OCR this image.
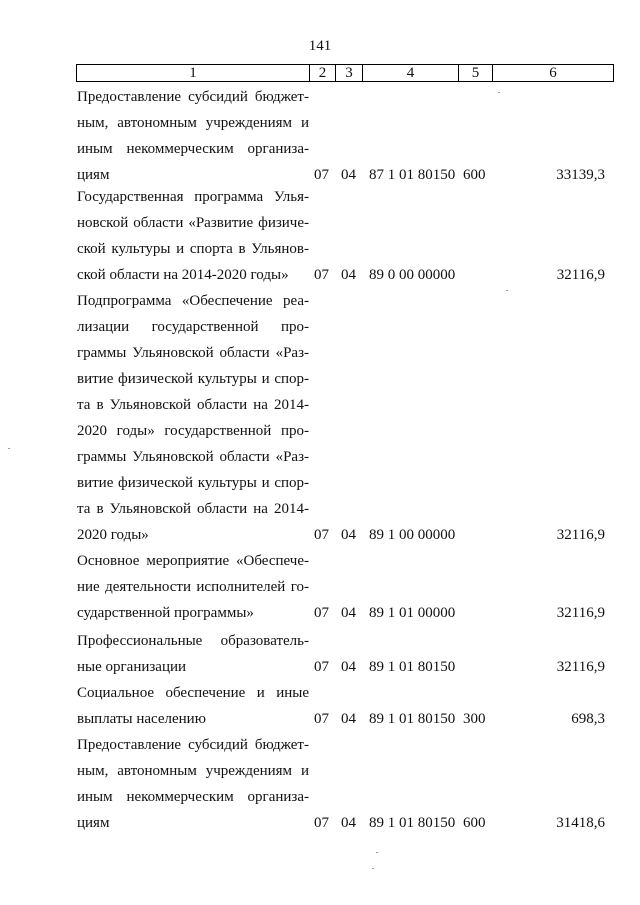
141
1	2	3	4	5	6
Предоставление субсидий бюджет-
ным, автономным учреждениям и
иным некоммерческим организа-
циям	07 04 87 1 01 80150 600	33139,3
Государственная программа Улья-
новской области «Развитие физиче-
ской культуры и спорта в Ульянов-
ской области на 2014-2020 годы»	07 04 89 0 00 00000	32116,9
Подпрограмма «Обеспечение реа-
лизации государственной про-
граммы Ульяновской области «Раз-
витие физической культуры и спор-
та в Ульяновской области на 2014-
2020 годы» государственной про-
граммы Ульяновской области «Раз-
витие физической культуры и спор-
та в Ульяновской области на 2014-
2020 годы»	07 04 89 1 00 00000	32116,9
Основное мероприятие «Обеспече-
ние деятельности исполнителей го-
сударственной программы»	07 04 89 1 01 00000	32116,9
Профессиональные образователь-
ные организации	07 04 89 1 01 80150	32116,9
Социальное обеспечение и иные
выплаты населению	07 04 89 1 01 80150 300	698,3
Предоставление субсидий бюджет-
ным, автономным учреждениям и
иным некоммерческим организа-
циям	07 04 89 1 01 80150 600	31418,6
